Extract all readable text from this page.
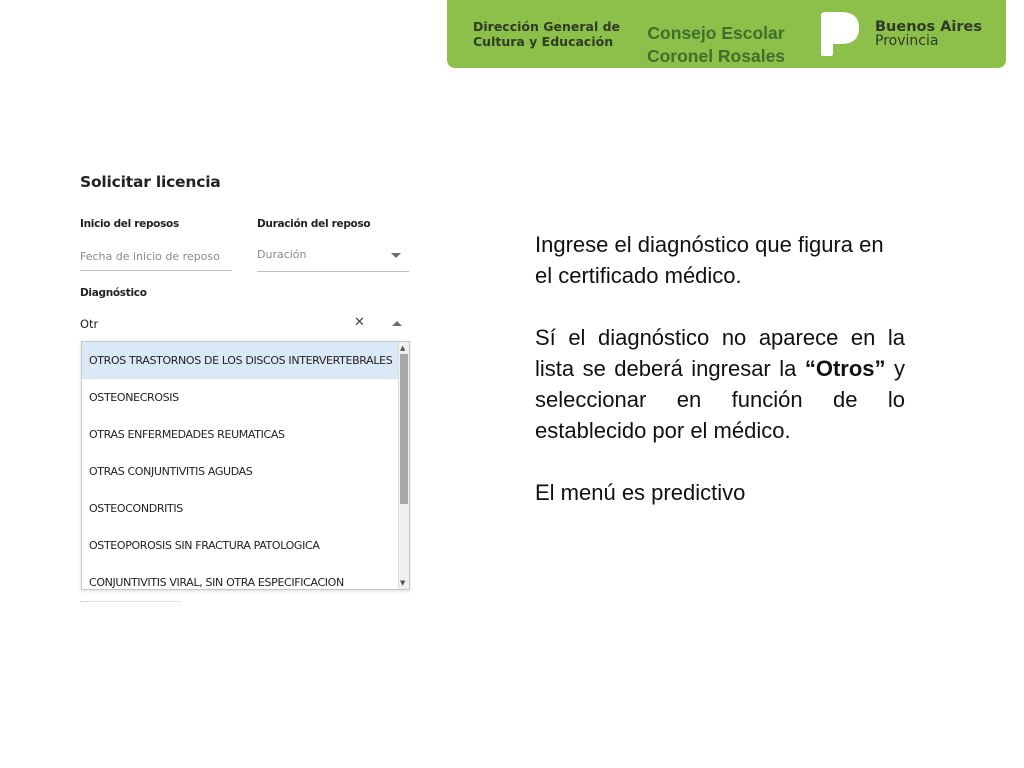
Dirección General de
Cultura y Educación	Consejo Escolar
Coronel Rosales
Buenos Aires
Provincia
Solicitar licencia
Inicio del reposos
Fecha de inicio de reposo	Duración del reposo
Duración
Diagnóstico
Otr
✕
OTROS TRASTORNOS DE LOS DISCOS INTERVERTEBRALES
OSTEONECROSIS
OTRAS ENFERMEDADES REUMATICAS
OTRAS CONJUNTIVITIS AGUDAS
OSTEOCONDRITIS
OSTEOPOROSIS SIN FRACTURA PATOLOGICA
CONJUNTIVITIS VIRAL, SIN OTRA ESPECIFICACION
▲
▼

Ingrese el diagnóstico que figura en el certificado médico.

Sí el diagnóstico no aparece en la lista se deberá ingresar la “Otros” y seleccionar en función de lo establecido por el médico.

El menú es predictivo
